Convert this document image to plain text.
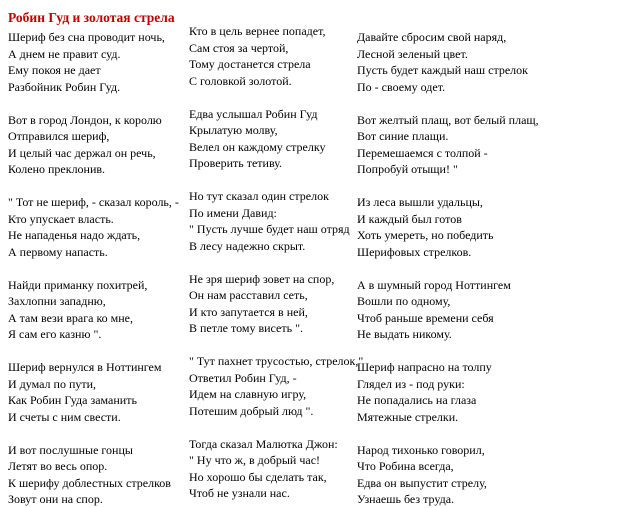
Робин Гуд и золотая стрела
Шериф без сна проводит ночь,
А днем не правит суд.
Ему покоя не дает
Разбойник Робин Гуд.
Вот в город Лондон, к королю
Отправился шериф,
И целый час держал он речь,
Колено преклонив.
" Тот не шериф, - сказал король, -
Кто упускает власть.
Не нападенья надо ждать,
А первому напасть.
Найди приманку похитрей,
Захлопни западню,
А там вези врага ко мне,
Я сам его казню ".
Шериф вернулся в Ноттингем
И думал по пути,
Как Робин Гуда заманить
И счеты с ним свести.
И вот послушные гонцы
Летят во весь опор.
К шерифу доблестных стрелков
Зовут они на спор.
Кто в цель вернее попадет,
Сам стоя за чертой,
Тому достанется стрела
С головкой золотой.
Едва услышал Робин Гуд
Крылатую молву,
Велел он каждому стрелку
Проверить тетиву.
Но тут сказал один стрелок
По имени Давид:
" Пусть лучше будет наш отряд
В лесу надежно скрыт.
Не зря шериф зовет на спор,
Он нам расставил сеть,
И кто запутается в ней,
В петле тому висеть ".
" Тут пахнет трусостью, стрелок,"
Ответил Робин Гуд, -
Идем на славную игру,
Потешим добрый люд ".
Тогда сказал Малютка Джон:
" Ну что ж, в добрый час!
Но хорошо бы сделать так,
Чтоб не узнали нас.
Давайте сбросим свой наряд,
Лесной зеленый цвет.
Пусть будет каждый наш стрелок
По - своему одет.
Вот желтый плащ, вот белый плащ,
Вот синие плащи.
Перемешаемся с толпой -
Попробуй отыщи! "
Из леса вышли удальцы,
И каждый был готов
Хоть умереть, но победить
Шерифовых стрелков.
А в шумный город Ноттингем
Вошли по одному,
Чтоб раньше времени себя
Не выдать никому.
Шериф напрасно на толпу
Глядел из - под руки:
Не попадались на глаза
Мятежные стрелки.
Народ тихонько говорил,
Что Робина всегда,
Едва он выпустит стрелу,
Узнаешь без труда.
